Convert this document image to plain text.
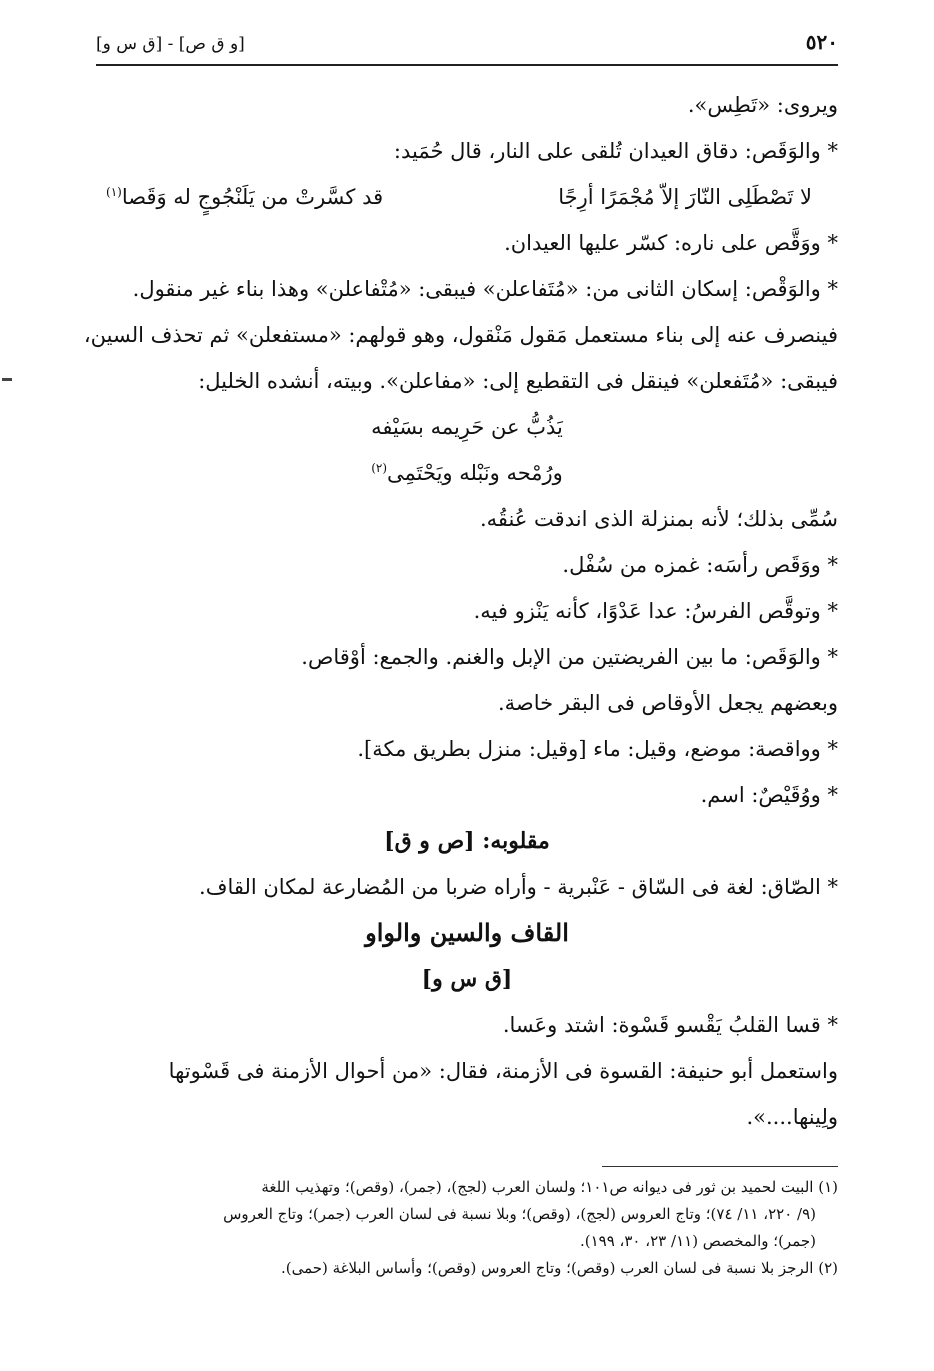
٥٢٠
[و ق ص] - [ق س و]
ويروى: «تَطِس».
* والوَقَص: دقاق العيدان تُلقى على النار، قال حُمَيد:
لا تَصْطَلِى النّارَ إلاّ مُجْمَرًا أرِجًا
قد كسَّرتْ من يَلَنْجُوجٍ له وَقَصا$^{(١)}$
* ووَقَّص على ناره: كسّر عليها العيدان.
* والوَقْص: إسكان الثانى من: «مُتَفاعلن» فيبقى: «مُتْفاعلن» وهذا بناء غير منقول.
فينصرف عنه إلى بناء مستعمل مَقول مَنْقول، وهو قولهم: «مستفعلن» ثم تحذف السين،
فيبقى: «مُتَفعلن» فينقل فى التقطيع إلى: «مفاعلن». وبيته، أنشده الخليل:
يَذُبُّ عن حَرِيمه بسَيْفه
ورُمْحه ونَبْله ويَحْتَمِى$^{(٢)}$
سُمِّى بذلك؛ لأنه بمنزلة الذى اندقت عُنقُه.
* ووَقَص رأسَه: غمزه من سُفْل.
* وتوقَّص الفرسُ: عدا عَدْوًا، كأنه يَنْزو فيه.
* والوَقَص: ما بين الفريضتين من الإبل والغنم. والجمع: أوْقاص.
وبعضهم يجعل الأوقاص فى البقر خاصة.
* وواقصة: موضع، وقيل: ماء [وقيل: منزل بطريق مكة].
* ووُقَيْصٌ: اسم.
مقلوبه: [ص و ق]
* الصّاق: لغة فى السّاق - عَنْبرية - وأراه ضربا من المُضارعة لمكان القاف.
القاف والسين والواو
[ق س و]
* قسا القلبُ يَقْسو قَسْوة: اشتد وعَسا.
واستعمل أبو حنيفة: القسوة فى الأزمنة، فقال: «من أحوال الأزمنة فى قَسْوتها
ولِينها....».
(١) البيت لحميد بن ثور فى ديوانه ص١٠١؛ ولسان العرب (لجج)، (جمر)، (وقص)؛ وتهذيب اللغة
(٩/ ٢٢٠، ١١/ ٧٤)؛ وتاج العروس (لجج)، (وقص)؛ وبلا نسبة فى لسان العرب (جمر)؛ وتاج العروس
(جمر)؛ والمخصص (١١/ ٢٣، ٣٠، ١٩٩).
(٢) الرجز بلا نسبة فى لسان العرب (وقص)؛ وتاج العروس (وقص)؛ وأساس البلاغة (حمى).
